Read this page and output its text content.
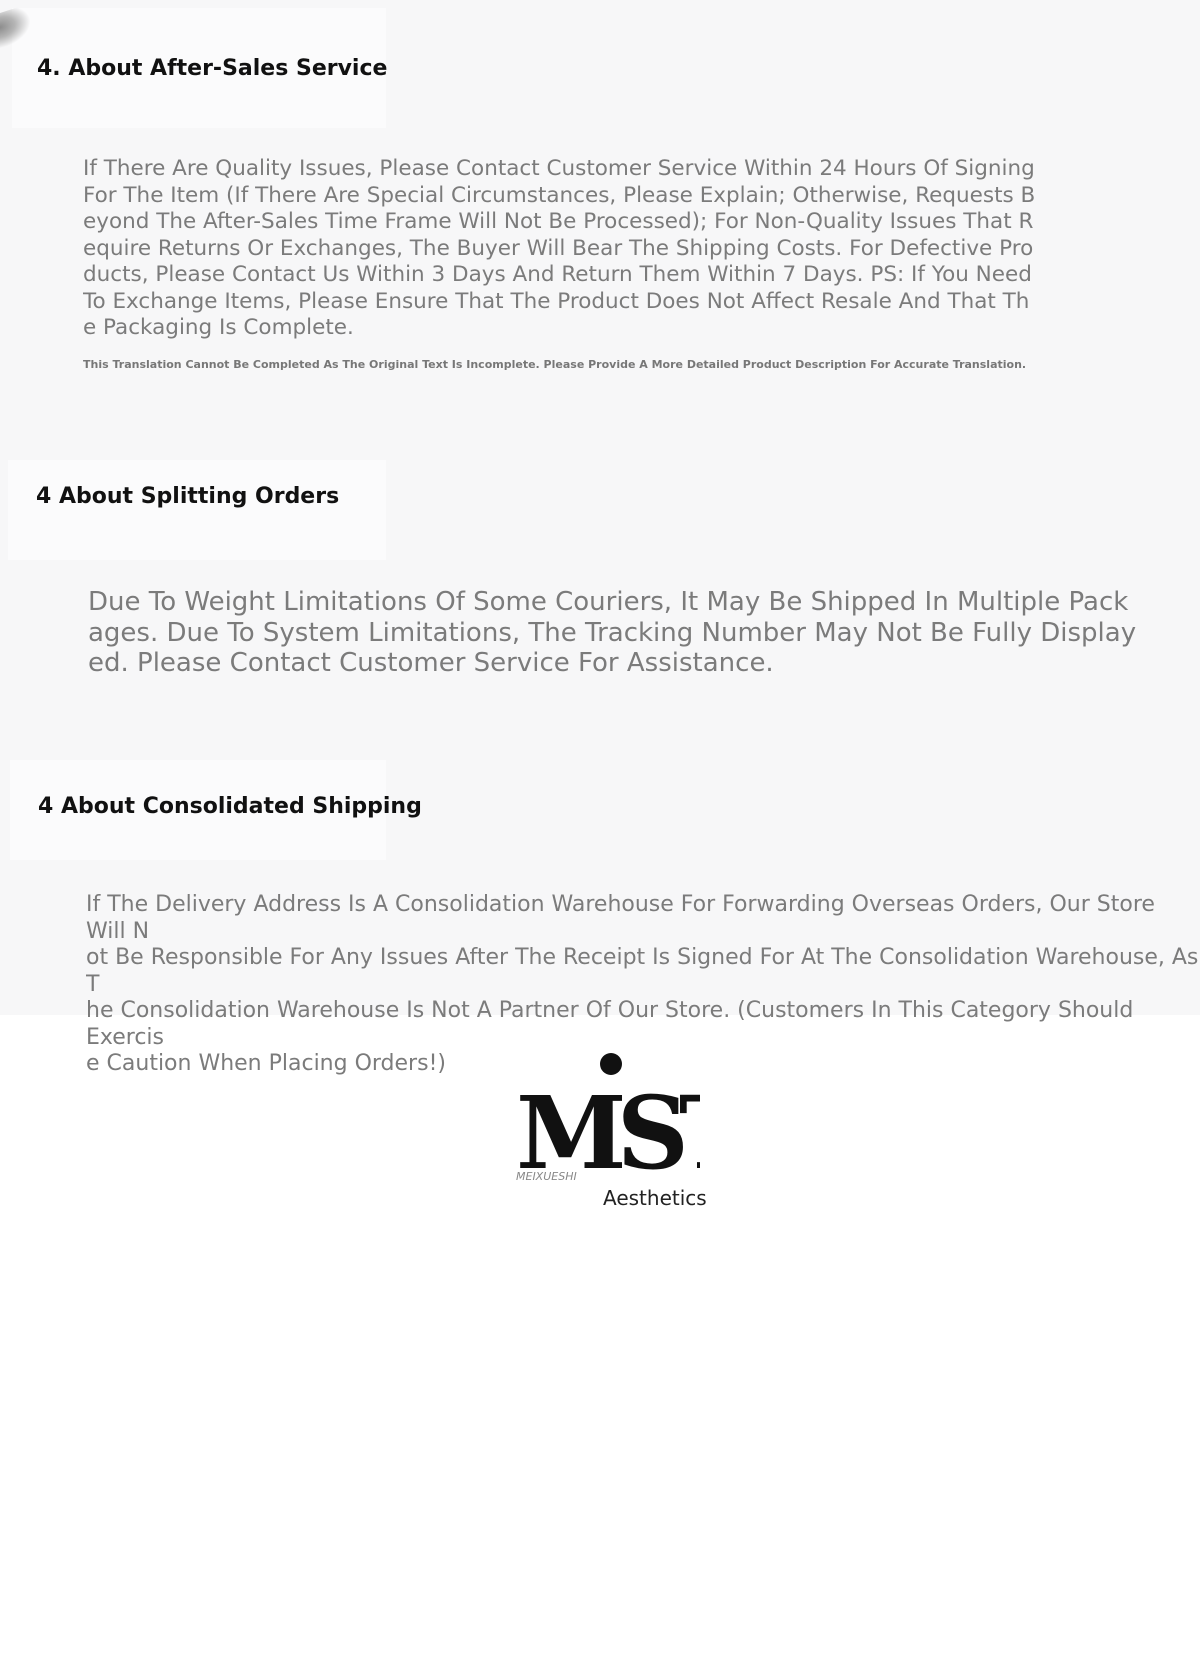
4. About After-Sales Service

If There Are Quality Issues, Please Contact Customer Service Within 24 Hours Of Signing
For The Item (If There Are Special Circumstances, Please Explain; Otherwise, Requests B
eyond The After-Sales Time Frame Will Not Be Processed); For Non-Quality Issues That R
equire Returns Or Exchanges, The Buyer Will Bear The Shipping Costs. For Defective Pro
ducts, Please Contact Us Within 3 Days And Return Them Within 7 Days. PS: If You Need
To Exchange Items, Please Ensure That The Product Does Not Affect Resale And That Th
e Packaging Is Complete.

This Translation Cannot Be Completed As The Original Text Is Incomplete. Please Provide A More Detailed Product Description For Accurate Translation.

4 About Splitting Orders

Due To Weight Limitations Of Some Couriers, It May Be Shipped In Multiple Pack
ages. Due To System Limitations, The Tracking Number May Not Be Fully Display
ed. Please Contact Customer Service For Assistance.

4 About Consolidated Shipping

If The Delivery Address Is A Consolidation Warehouse For Forwarding Overseas Orders, Our Store Will N
ot Be Responsible For Any Issues After The Receipt Is Signed For At The Consolidation Warehouse, As T
he Consolidation Warehouse Is Not A Partner Of Our Store. (Customers In This Category Should Exercis
e Caution When Placing Orders!)

MS
MEIXUESHI

Aesthetics
